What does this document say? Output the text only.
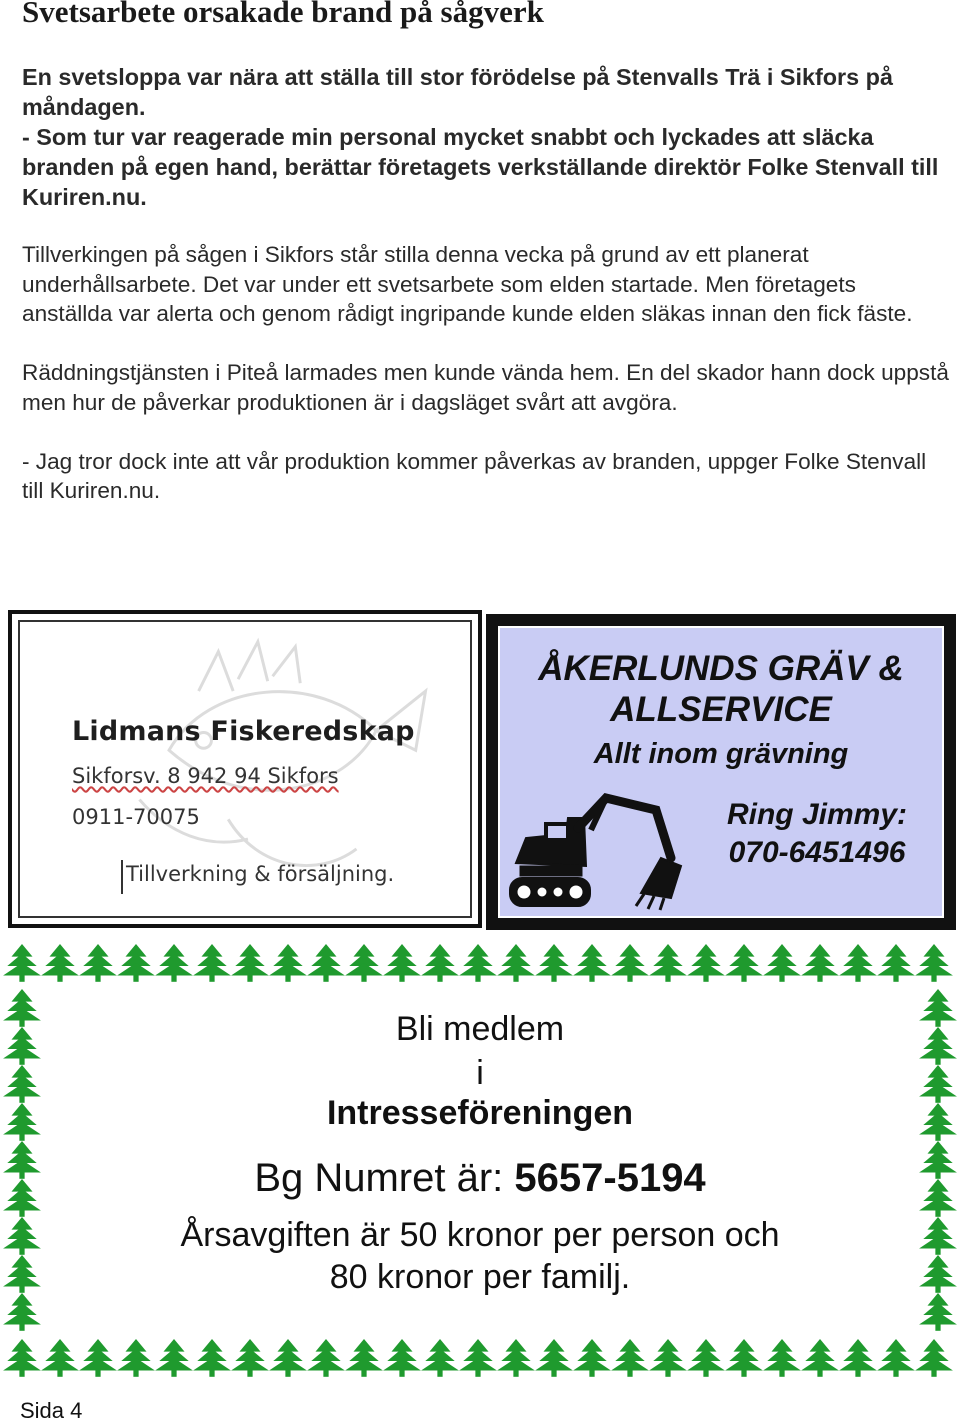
Svetsarbete orsakade brand på sågverk

En svetsloppa var nära att ställa till stor förödelse på Stenvalls Trä i Sikfors på måndagen.

- Som tur var reagerade min personal mycket snabbt och lyckades att släcka branden på egen hand, berättar företagets verkställande direktör Folke Stenvall till Kuriren.nu.

Tillverkingen på sågen i Sikfors står stilla denna vecka på grund av ett planerat underhållsarbete. Det var under ett svetsarbete som elden startade. Men företagets anställda var alerta och genom rådigt ingripande kunde elden släkas innan den fick fäste.

Räddningstjänsten i Piteå larmades men kunde vända hem. En del skador hann dock uppstå men hur de påverkar produktionen är i dagsläget svårt att avgöra.

- Jag tror dock inte att vår produktion kommer påverkas av branden, uppger Folke Stenvall till Kuriren.nu.

Lidmans Fiskeredskap
Sikforsv. 8 942 94 Sikfors
0911-70075
Tillverkning & försäljning.
ÅKERLUNDS GRÄV &
ALLSERVICE
Allt inom grävning
Ring Jimmy:
070-6451496
Bli medlem
i
Intresseföreningen
Bg Numret är: 5657-5194
Årsavgiften är 50 kronor per person och
80 kronor per familj.
Sida 4
